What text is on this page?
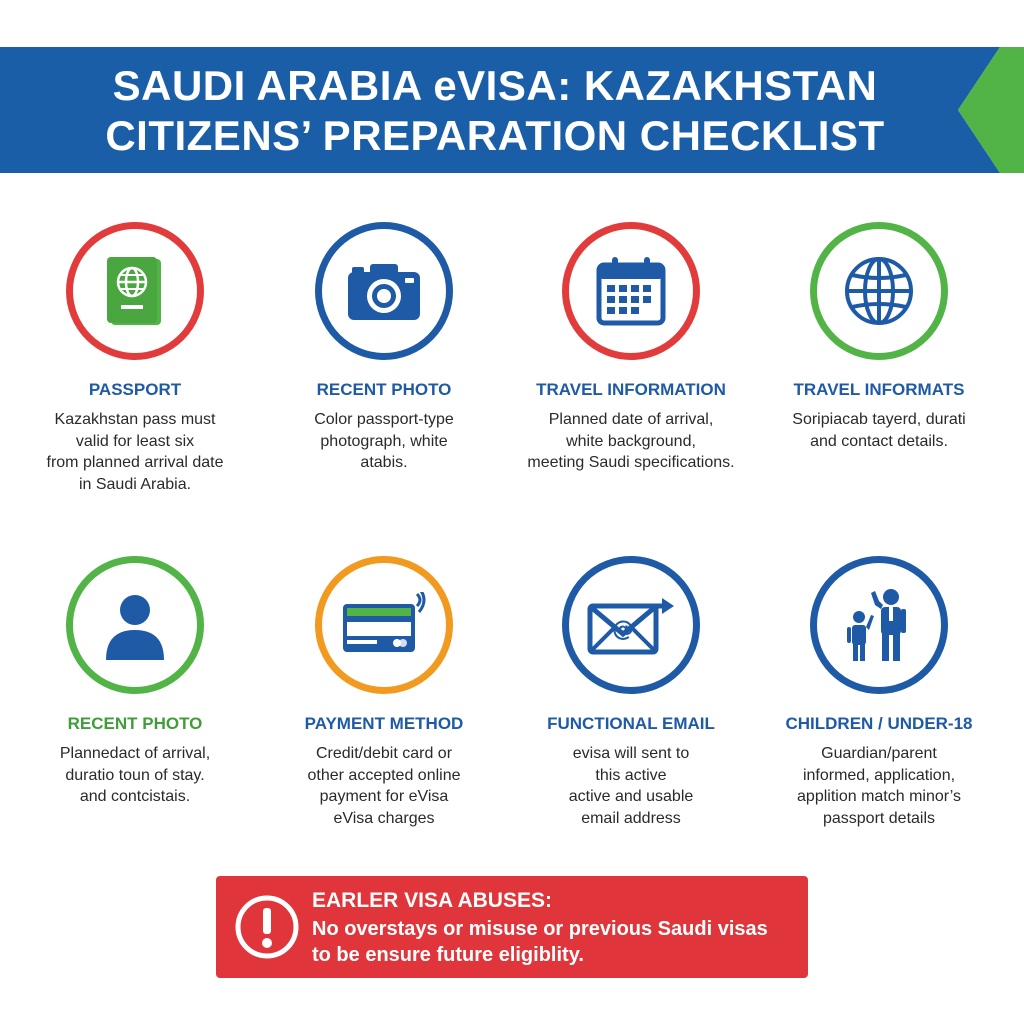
SAUDI ARABIA eVISA: KAZAKHSTAN
CITIZENS’ PREPARATION CHECKLIST
PASSPORT
Kazakhstan pass must
valid for least six
from planned arrival date
in Saudi Arabia.
RECENT PHOTO
Color passport-type
photograph, white
atabis.
TRAVEL INFORMATION
Planned date of arrival,
white background,
meeting Saudi specifications.
TRAVEL INFORMATS
Soripiacab tayerd, durati
and contact details.
RECENT PHOTO
Plannedact of arrival,
duratio toun of stay.
and contcistais.
PAYMENT METHOD
Credit/debit card or
other accepted online
payment for eVisa
eVisa charges
@
FUNCTIONAL EMAIL
evisa will sent to
this active
active and usable
email address
CHILDREN / UNDER-18
Guardian/parent
informed, application,
applition match minor’s
passport details
EARLER VISA ABUSES:
No overstays or misuse or previous Saudi visas
to be ensure future eligiblity.
